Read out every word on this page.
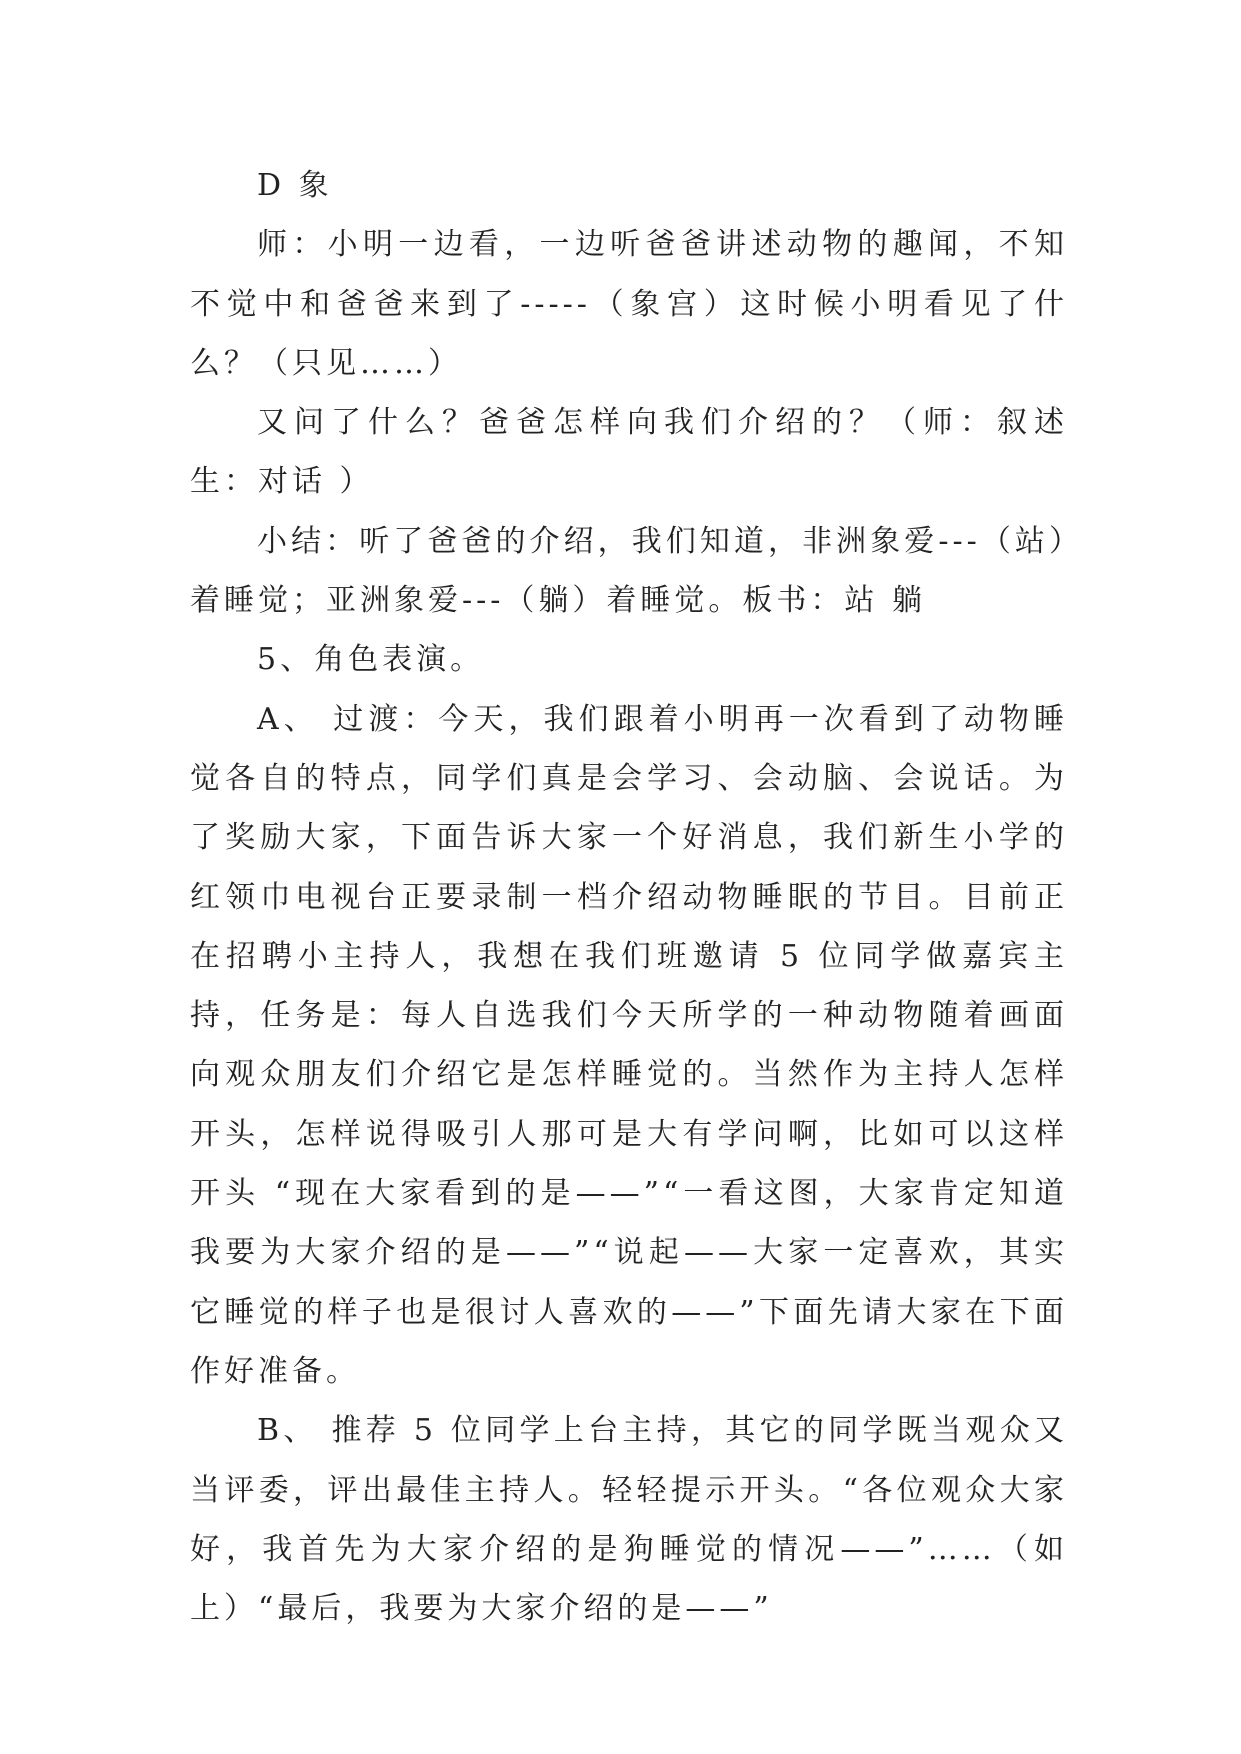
D 象

师：小明一边看，一边听爸爸讲述动物的趣闻，不知不觉中和爸爸来到了-----（象宫）这时候小明看见了什么？（只见……）

又问了什么？爸爸怎样向我们介绍的？（师：叙述 生：对话 ）

小结：听了爸爸的介绍，我们知道，非洲象爱---（站）着睡觉；亚洲象爱---（躺）着睡觉。板书：站 躺

5、角色表演。

A、 过渡：今天，我们跟着小明再一次看到了动物睡觉各自的特点，同学们真是会学习、会动脑、会说话。为了奖励大家，下面告诉大家一个好消息，我们新生小学的红领巾电视台正要录制一档介绍动物睡眠的节目。目前正在招聘小主持人，我想在我们班邀请 5 位同学做嘉宾主持，任务是：每人自选我们今天所学的一种动物随着画面向观众朋友们介绍它是怎样睡觉的。当然作为主持人怎样开头，怎样说得吸引人那可是大有学问啊，比如可以这样开头 “现在大家看到的是——”“一看这图，大家肯定知道我要为大家介绍的是——”“说起——大家一定喜欢，其实它睡觉的样子也是很讨人喜欢的——”下面先请大家在下面作好准备。

B、 推荐 5 位同学上台主持，其它的同学既当观众又当评委，评出最佳主持人。轻轻提示开头。“各位观众大家好，我首先为大家介绍的是狗睡觉的情况——”……（如上）“最后，我要为大家介绍的是——”
